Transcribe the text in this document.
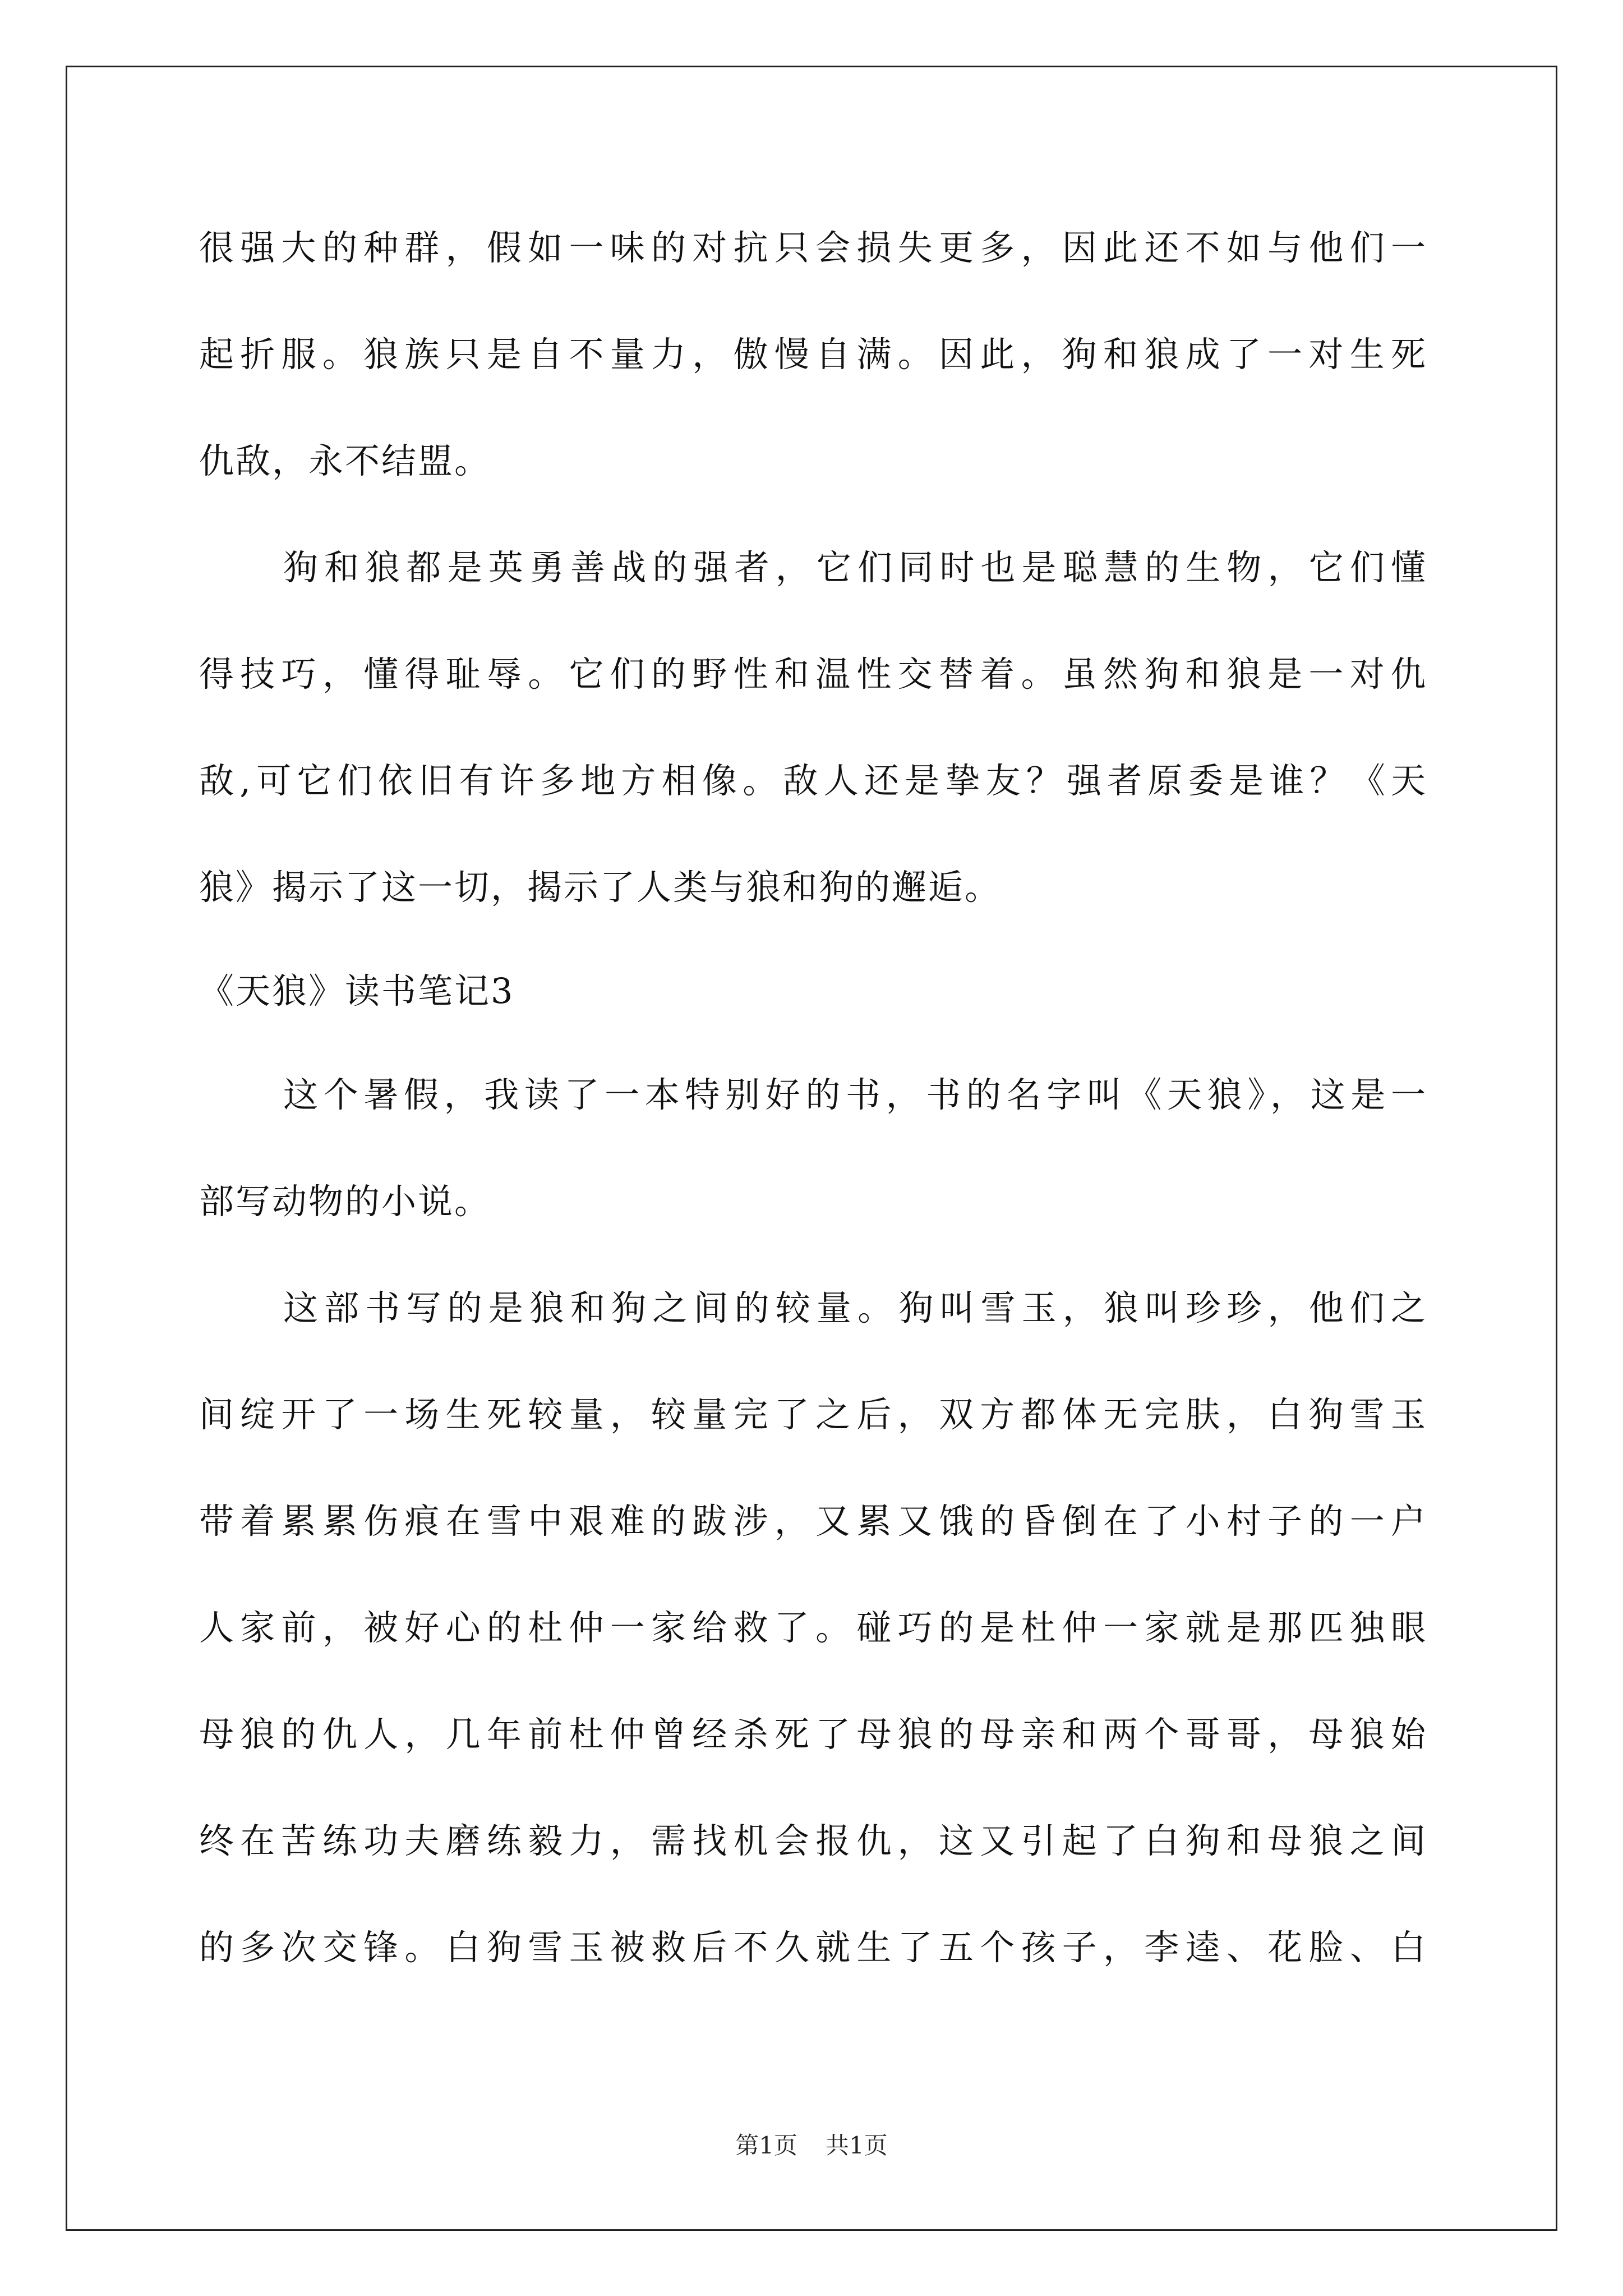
很强大的种群，假如一味的对抗只会损失更多，因此还不如与他们一
起折服。狼族只是自不量力，傲慢自满。因此，狗和狼成了一对生死
仇敌，永不结盟。
狗和狼都是英勇善战的强者，它们同时也是聪慧的生物，它们懂
得技巧，懂得耻辱。它们的野性和温性交替着。虽然狗和狼是一对仇
敌,可它们依旧有许多地方相像。敌人还是挚友？强者原委是谁？《天
狼》揭示了这一切，揭示了人类与狼和狗的邂逅。
《天狼》读书笔记3
这个暑假，我读了一本特别好的书，书的名字叫《天狼》，这是一
部写动物的小说。
这部书写的是狼和狗之间的较量。狗叫雪玉，狼叫珍珍，他们之
间绽开了一场生死较量，较量完了之后，双方都体无完肤，白狗雪玉
带着累累伤痕在雪中艰难的跋涉，又累又饿的昏倒在了小村子的一户
人家前，被好心的杜仲一家给救了。碰巧的是杜仲一家就是那匹独眼
母狼的仇人，几年前杜仲曾经杀死了母狼的母亲和两个哥哥，母狼始
终在苦练功夫磨练毅力，需找机会报仇，这又引起了白狗和母狼之间
的多次交锋。白狗雪玉被救后不久就生了五个孩子，李逵、花脸、白
第1页 共1页
